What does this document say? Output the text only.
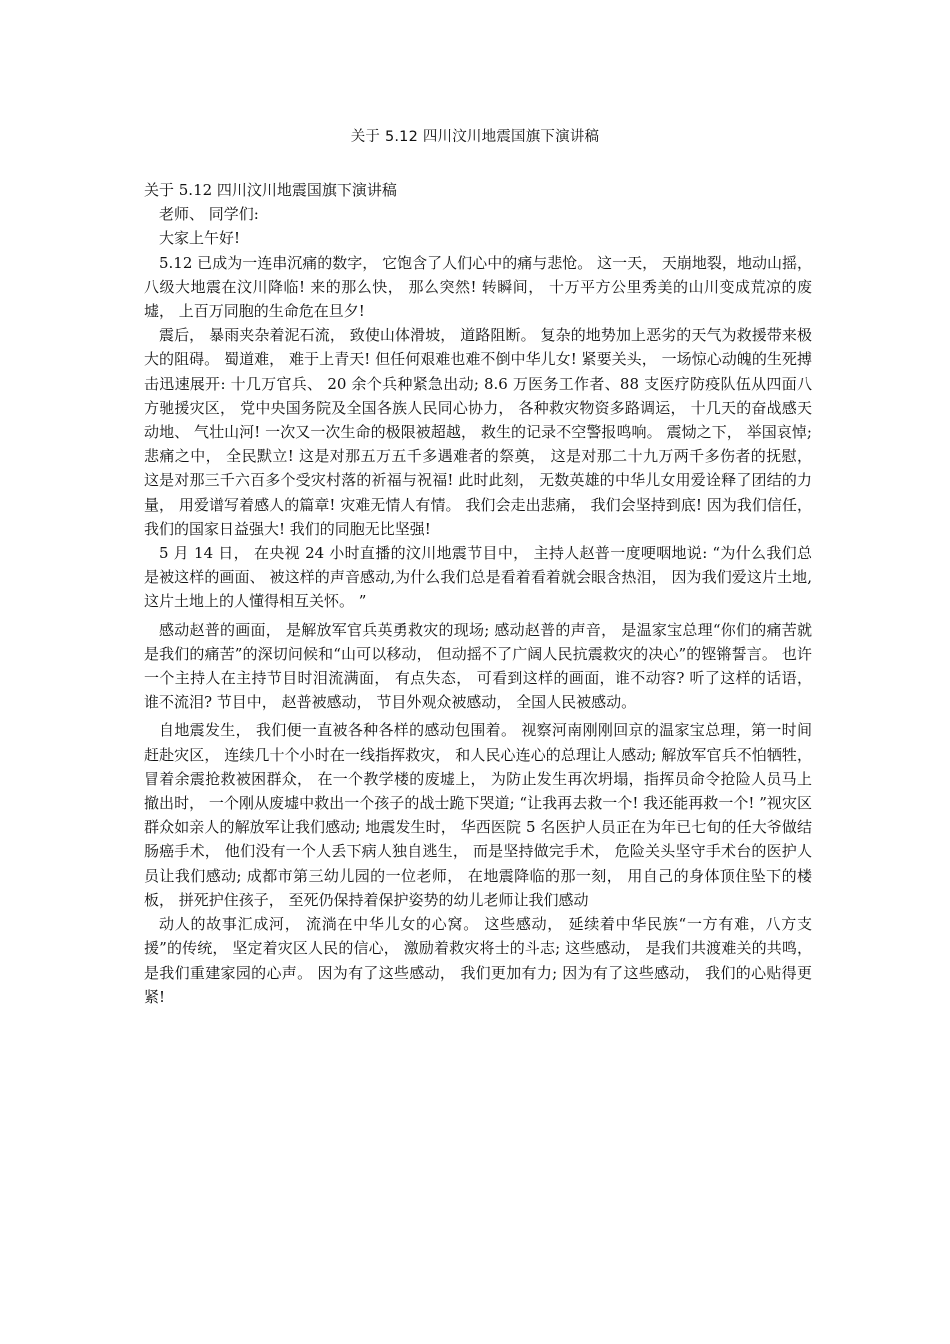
关于 5.12 四川汶川地震国旗下演讲稿

关于 5.12 四川汶川地震国旗下演讲稿

老师、 同学们:

大家上午好!

5.12 已成为一连串沉痛的数字， 它饱含了人们心中的痛与悲怆。 这一天， 天崩地裂，地动山摇， 八级大地震在汶川降临! 来的那么快， 那么突然! 转瞬间， 十万平方公里秀美的山川变成荒凉的废墟， 上百万同胞的生命危在旦夕!

震后， 暴雨夹杂着泥石流， 致使山体滑坡， 道路阻断。 复杂的地势加上恶劣的天气为救援带来极大的阻碍。 蜀道难， 难于上青天! 但任何艰难也难不倒中华儿女! 紧要关头， 一场惊心动魄的生死搏击迅速展开: 十几万官兵、 20 余个兵种紧急出动; 8.6 万医务工作者、88 支医疗防疫队伍从四面八方驰援灾区， 党中央国务院及全国各族人民同心协力， 各种救灾物资多路调运， 十几天的奋战感天动地、 气壮山河! 一次又一次生命的极限被超越， 救生的记录不空警报鸣响。 震恸之下， 举国哀悼; 悲痛之中， 全民默立! 这是对那五万五千多遇难者的祭奠， 这是对那二十九万两千多伤者的抚慰， 这是对那三千六百多个受灾村落的祈福与祝福! 此时此刻， 无数英雄的中华儿女用爱诠释了团结的力量， 用爱谱写着感人的篇章! 灾难无情人有情。 我们会走出悲痛， 我们会坚持到底! 因为我们信任， 我们的国家日益强大! 我们的同胞无比坚强!

5 月 14 日， 在央视 24 小时直播的汶川地震节目中， 主持人赵普一度哽咽地说: “为什么我们总是被这样的画面、 被这样的声音感动,为什么我们总是看着看着就会眼含热泪， 因为我们爱这片土地,这片土地上的人懂得相互关怀。 ”

感动赵普的画面， 是解放军官兵英勇救灾的现场; 感动赵普的声音， 是温家宝总理“你们的痛苦就是我们的痛苦”的深切问候和“山可以移动， 但动摇不了广阔人民抗震救灾的决心”的铿锵誓言。 也许一个主持人在主持节目时泪流满面， 有点失态， 可看到这样的画面，谁不动容? 听了这样的话语， 谁不流泪? 节目中， 赵普被感动， 节目外观众被感动， 全国人民被感动。

自地震发生， 我们便一直被各种各样的感动包围着。 视察河南刚刚回京的温家宝总理，第一时间赶赴灾区， 连续几十个小时在一线指挥救灾， 和人民心连心的总理让人感动; 解放军官兵不怕牺牲， 冒着余震抢救被困群众， 在一个教学楼的废墟上， 为防止发生再次坍塌，指挥员命令抢险人员马上撤出时， 一个刚从废墟中救出一个孩子的战士跪下哭道; “让我再去救一个! 我还能再救一个! ”视灾区群众如亲人的解放军让我们感动; 地震发生时， 华西医院 5 名医护人员正在为年已七旬的任大爷做结肠癌手术， 他们没有一个人丢下病人独自逃生， 而是坚持做完手术， 危险关头坚守手术台的医护人员让我们感动; 成都市第三幼儿园的一位老师， 在地震降临的那一刻， 用自己的身体顶住坠下的楼板， 拼死护住孩子， 至死仍保持着保护姿势的幼儿老师让我们感动

动人的故事汇成河， 流淌在中华儿女的心窝。 这些感动， 延续着中华民族“一方有难，八方支援”的传统， 坚定着灾区人民的信心， 激励着救灾将士的斗志; 这些感动， 是我们共渡难关的共鸣， 是我们重建家园的心声。 因为有了这些感动， 我们更加有力; 因为有了这些感动， 我们的心贴得更紧!
